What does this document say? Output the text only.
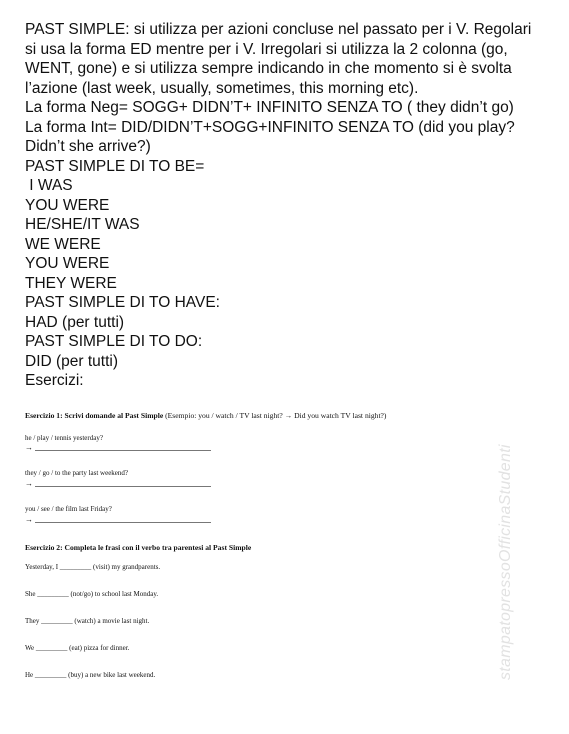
PAST SIMPLE: si utilizza per azioni concluse nel passato per i V. Regolari
si usa la forma ED mentre per i V. Irregolari si utilizza la 2 colonna (go,
WENT, gone) e si utilizza sempre indicando in che momento si è svolta
l’azione (last week, usually, sometimes, this morning etc).
La forma Neg= SOGG+ DIDN’T+ INFINITO SENZA TO ( they didn’t go)
La forma Int= DID/DIDN’T+SOGG+INFINITO SENZA TO (did you play?
Didn’t she arrive?)
PAST SIMPLE DI TO BE=
I WAS
YOU WERE
HE/SHE/IT WAS
WE WERE
YOU WERE
THEY WERE
PAST SIMPLE DI TO HAVE:
HAD (per tutti)
PAST SIMPLE DI TO DO:
DID (per tutti)
Esercizi:
Esercizio 1: Scrivi domande al Past Simple (Esempio: you / watch / TV last night? → Did you watch TV last night?)
he / play / tennis yesterday?
→
they / go / to the party last weekend?
→
you / see / the film last Friday?
→
Esercizio 2: Completa le frasi con il verbo tra parentesi al Past Simple
Yesterday, I _________ (visit) my grandparents.
She _________ (not/go) to school last Monday.
They _________ (watch) a movie last night.
We _________ (eat) pizza for dinner.
He _________ (buy) a new bike last weekend.	stampatopressoOfficinaStudenti
